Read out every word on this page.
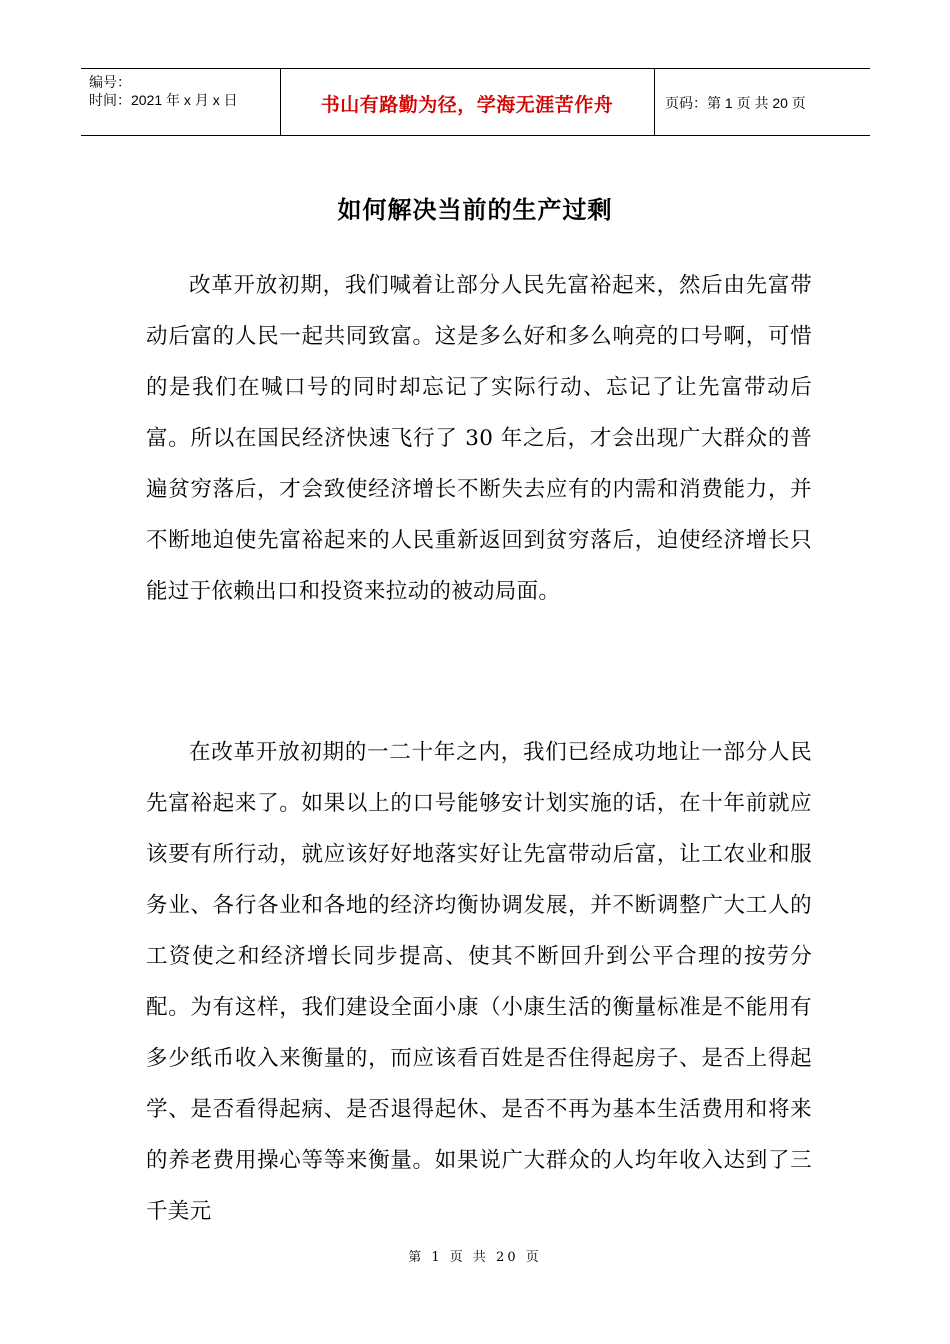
编号：
时间：2021 年 x 月 x 日	书山有路勤为径，学海无涯苦作舟	页码：第 1 页 共 20 页
如何解决当前的生产过剩

改革开放初期，我们喊着让部分人民先富裕起来，然后由先富带动后富的人民一起共同致富。这是多么好和多么响亮的口号啊，可惜的是我们在喊口号的同时却忘记了实际行动、忘记了让先富带动后富。所以在国民经济快速飞行了 30 年之后，才会出现广大群众的普遍贫穷落后，才会致使经济增长不断失去应有的内需和消费能力，并不断地迫使先富裕起来的人民重新返回到贫穷落后，迫使经济增长只能过于依赖出口和投资来拉动的被动局面。

在改革开放初期的一二十年之内，我们已经成功地让一部分人民先富裕起来了。如果以上的口号能够安计划实施的话，在十年前就应该要有所行动，就应该好好地落实好让先富带动后富，让工农业和服务业、各行各业和各地的经济均衡协调发展，并不断调整广大工人的工资使之和经济增长同步提高、使其不断回升到公平合理的按劳分配。为有这样，我们建设全面小康（小康生活的衡量标准是不能用有多少纸币收入来衡量的，而应该看百姓是否住得起房子、是否上得起学、是否看得起病、是否退得起休、是否不再为基本生活费用和将来的养老费用操心等等来衡量。如果说广大群众的人均年收入达到了三千美元

第 1 页 共 20 页
